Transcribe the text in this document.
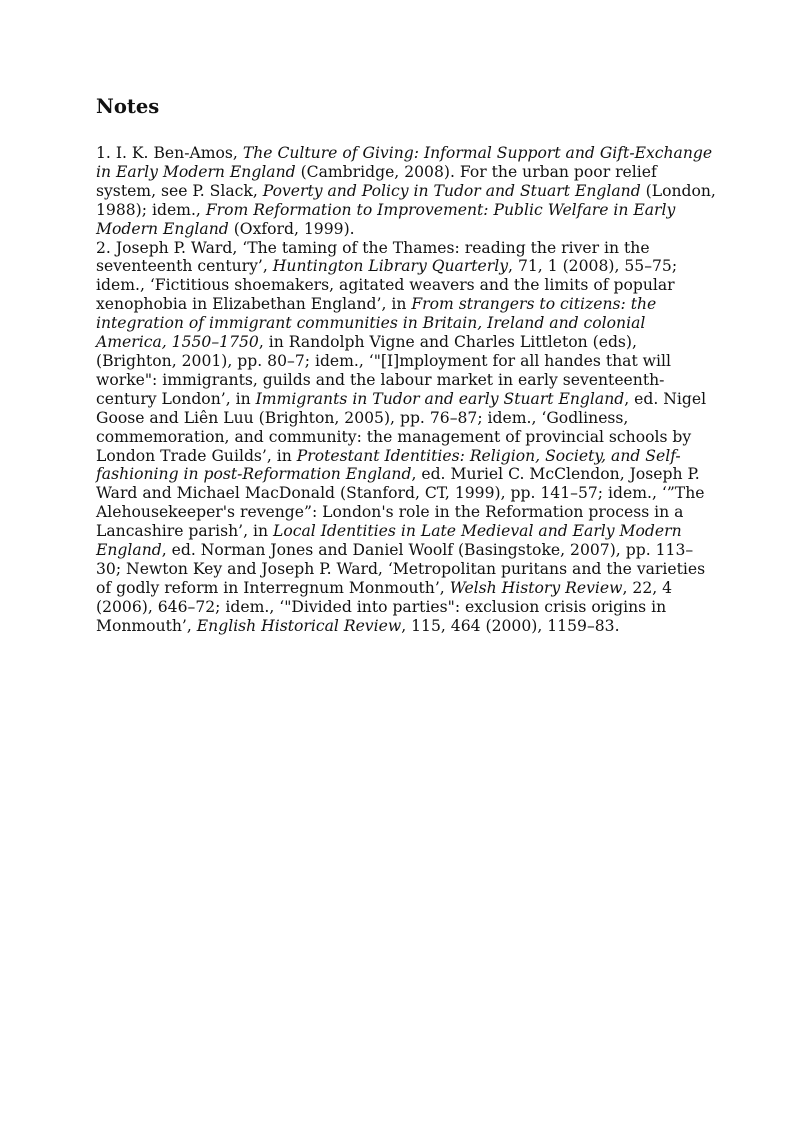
Notes

1. I. K. Ben-Amos, The Culture of Giving: Informal Support and Gift-Exchange in Early Modern England (Cambridge, 2008). For the urban poor relief system, see P. Slack, Poverty and Policy in Tudor and Stuart England (London, 1988); idem., From Reformation to Improvement: Public Welfare in Early Modern England (Oxford, 1999).

2. Joseph P. Ward, ‘The taming of the Thames: reading the river in the seventeenth century’, Huntington Library Quarterly, 71, 1 (2008), 55–75; idem., ‘Fictitious shoemakers, agitated weavers and the limits of popular xenophobia in Elizabethan England’, in From strangers to citizens: the integration of immigrant communities in Britain, Ireland and colonial America, 1550–1750, in Randolph Vigne and Charles Littleton (eds), (Brighton, 2001), pp. 80–7; idem., ‘"[I]mployment for all handes that will worke": immigrants, guilds and the labour market in early seventeenth-century London’, in Immigrants in Tudor and early Stuart England, ed. Nigel Goose and Liên Luu (Brighton, 2005), pp. 76–87; idem., ‘Godliness, commemoration, and community: the management of provincial schools by London Trade Guilds’, in Protestant Identities: Religion, Society, and Self-fashioning in post-Reformation England, ed. Muriel C. McClendon, Joseph P. Ward and Michael MacDonald (Stanford, CT, 1999), pp. 141–57; idem., ‘”The Alehousekeeper's revenge”: London's role in the Reformation process in a Lancashire parish’, in Local Identities in Late Medieval and Early Modern England, ed. Norman Jones and Daniel Woolf (Basingstoke, 2007), pp. 113–30; Newton Key and Joseph P. Ward, ‘Metropolitan puritans and the varieties of godly reform in Interregnum Monmouth’, Welsh History Review, 22, 4 (2006), 646–72; idem., ‘"Divided into parties": exclusion crisis origins in Monmouth’, English Historical Review, 115, 464 (2000), 1159–83.
